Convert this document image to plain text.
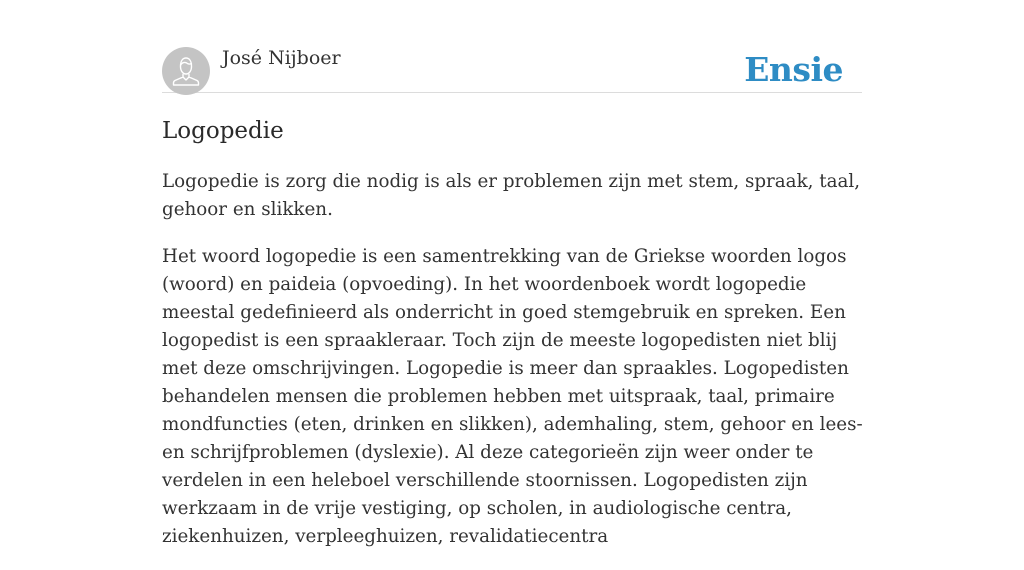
José Nijboer	Ensie
Logopedie

Logopedie is zorg die nodig is als er problemen zijn met stem, spraak, taal, gehoor en slikken.

Het woord logopedie is een samentrekking van de Griekse woorden logos (woord) en paideia (opvoeding). In het woordenboek wordt logopedie meestal gedefinieerd als onderricht in goed stemgebruik en spreken. Een logopedist is een spraakleraar. Toch zijn de meeste logopedisten niet blij met deze omschrijvingen. Logopedie is meer dan spraakles. Logopedisten behandelen mensen die problemen hebben met uitspraak, taal, primaire mondfuncties (eten, drinken en slikken), ademhaling, stem, gehoor en lees- en schrijfproblemen (dyslexie). Al deze categorieën zijn weer onder te verdelen in een heleboel verschillende stoornissen. Logopedisten zijn werkzaam in de vrije vestiging, op scholen, in audiologische centra, ziekenhuizen, verpleeghuizen, revalidatiecentra
